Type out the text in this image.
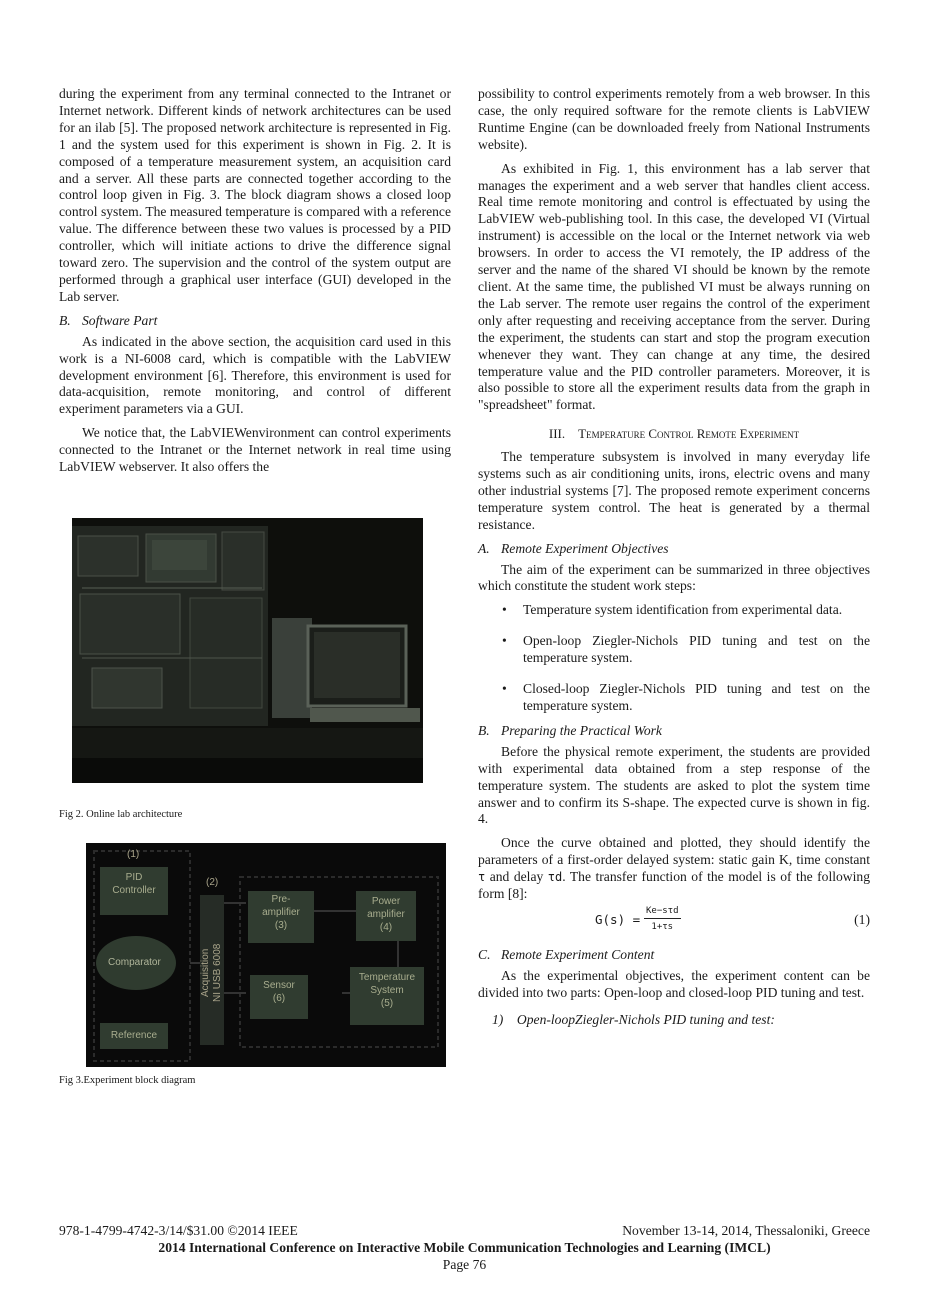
during the experiment from any terminal connected to the Intranet or Internet network. Different kinds of network architectures can be used for an ilab [5]. The proposed network architecture is represented in Fig. 1 and the system used for this experiment is shown in Fig. 2. It is composed of a temperature measurement system, an acquisition card and a server. All these parts are connected together according to the control loop given in Fig. 3. The block diagram shows a closed loop control system. The measured temperature is compared with a reference value. The difference between these two values is processed by a PID controller, which will initiate actions to drive the difference signal toward zero. The supervision and the control of the system output are performed through a graphical user interface (GUI) developed in the Lab server.

B. Software Part

As indicated in the above section, the acquisition card used in this work is a NI-6008 card, which is compatible with the LabVIEW development environment [6]. Therefore, this environment is used for data-acquisition, remote monitoring, and control of different experiment parameters via a GUI.

We notice that, the LabVIEWenvironment can control experiments connected to the Intranet or the Internet network in real time using LabVIEW webserver. It also offers the

Fig 2. Online lab architecture
(1)
PID
Controller
Comparator
Reference
(2)
Acquisition
NI USB 6008
Pre-
amplifier
(3)
Power
amplifier
(4)
Sensor
(6)
Temperature
System
(5)
Fig 3.Experiment block diagram

possibility to control experiments remotely from a web browser. In this case, the only required software for the remote clients is LabVIEW Runtime Engine (can be downloaded freely from National Instruments website).

As exhibited in Fig. 1, this environment has a lab server that manages the experiment and a web server that handles client access. Real time remote monitoring and control is effectuated by using the LabVIEW web-publishing tool. In this case, the developed VI (Virtual instrument) is accessible on the local or the Internet network via web browsers. In order to access the VI remotely, the IP address of the server and the name of the shared VI should be known by the remote client. At the same time, the published VI must be always running on the Lab server. The remote user regains the control of the experiment only after requesting and receiving acceptance from the server. During the experiment, the students can start and stop the program execution whenever they want. They can change at any time, the desired temperature value and the PID controller parameters. Moreover, it is also possible to store all the experiment results data from the graph in "spreadsheet" format.

III. Temperature Control Remote Experiment

The temperature subsystem is involved in many everyday life systems such as air conditioning units, irons, electric ovens and many other industrial systems [7]. The proposed remote experiment concerns temperature system control. The heat is generated by a thermal resistance.

A. Remote Experiment Objectives

The aim of the experiment can be summarized in three objectives which constitute the student work steps:

• Temperature system identification from experimental data.
• Open-loop Ziegler-Nichols PID tuning and test on the temperature system.
• Closed-loop Ziegler-Nichols PID tuning and test on the temperature system.
B. Preparing the Practical Work

Before the physical remote experiment, the students are provided with experimental data obtained from a step response of the temperature system. The students are asked to plot the system time answer and to confirm its S-shape. The expected curve is shown in fig. 4.

Once the curve obtained and plotted, they should identify the parameters of a first-order delayed system: static gain K, time constant τ and delay τd. The transfer function of the model is of the following form [8]:

G(s) =
Ke−sτd
1+τs	(1)
C. Remote Experiment Content

As the experimental objectives, the experiment content can be divided into two parts: Open-loop and closed-loop PID tuning and test.

1)    Open-loopZiegler-Nichols PID tuning and test:
978-1-4799-4742-3/14/$31.00 ©2014 IEEE	November 13-14, 2014, Thessaloniki, Greece
2014 International Conference on Interactive Mobile Communication Technologies and Learning (IMCL)
Page 76
